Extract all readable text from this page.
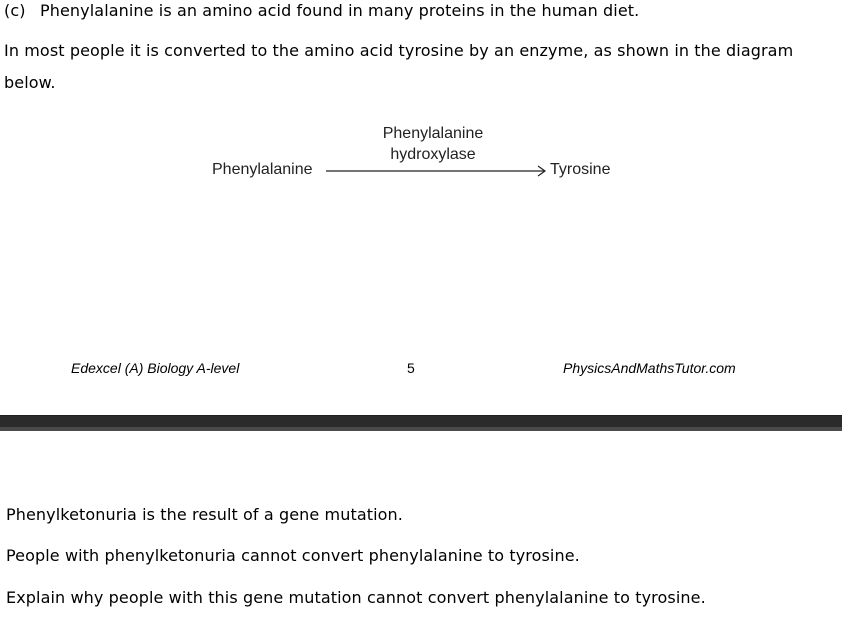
(c) Phenylalanine is an amino acid found in many proteins in the human diet.
In most people it is converted to the amino acid tyrosine by an enzyme, as shown in the diagram
below.
Phenylalanine
Phenylalanine
hydroxylase
Tyrosine
Edexcel (A) Biology A-level	5	PhysicsAndMathsTutor.com
Phenylketonuria is the result of a gene mutation.
People with phenylketonuria cannot convert phenylalanine to tyrosine.
Explain why people with this gene mutation cannot convert phenylalanine to tyrosine.
